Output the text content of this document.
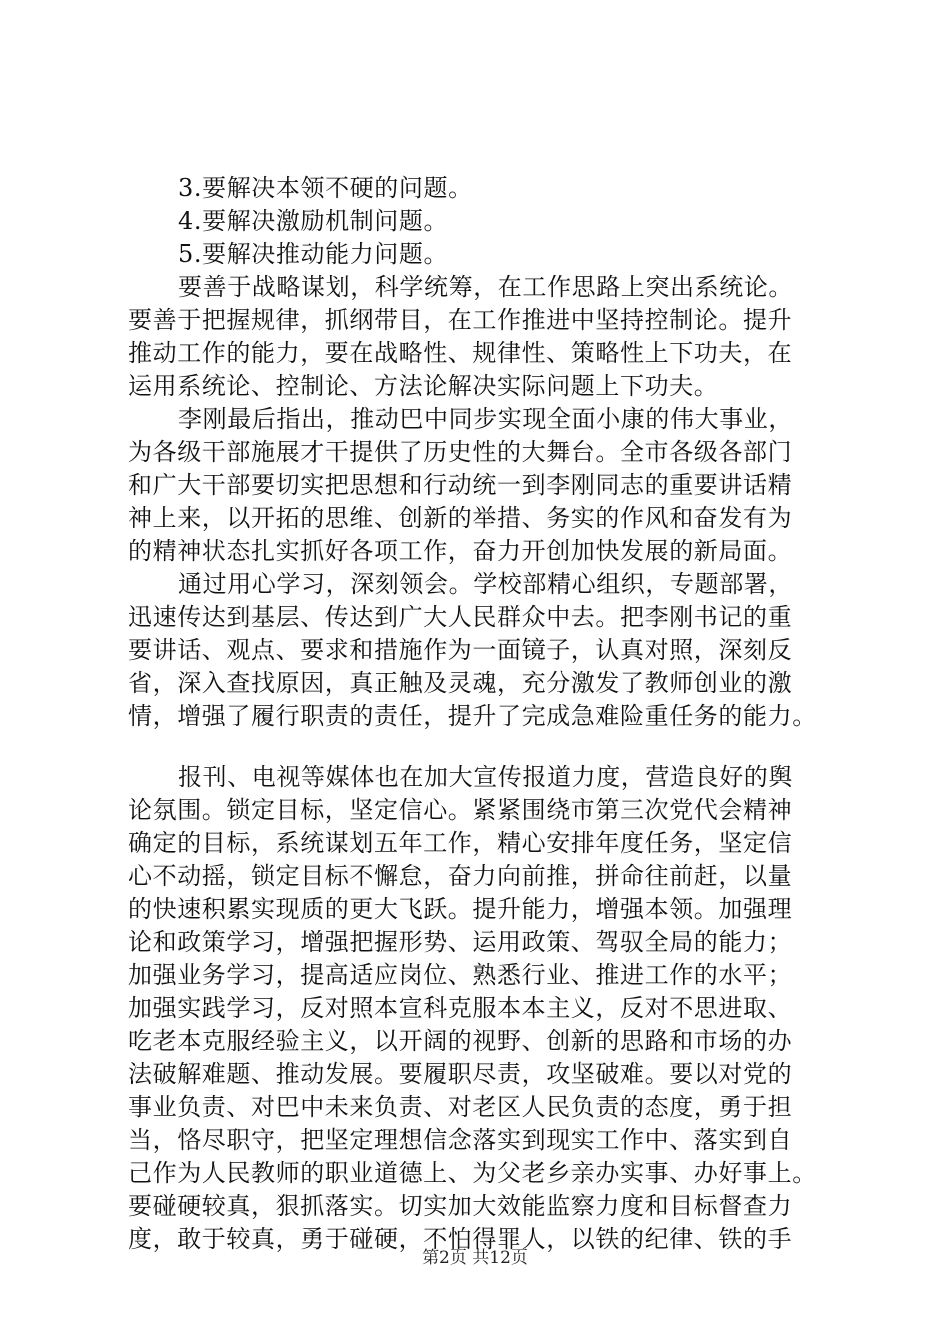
3.要解决本领不硬的问题。
4.要解决激励机制问题。
5.要解决推动能力问题。
要善于战略谋划，科学统筹，在工作思路上突出系统论。
要善于把握规律，抓纲带目，在工作推进中坚持控制论。提升
推动工作的能力，要在战略性、规律性、策略性上下功夫，在
运用系统论、控制论、方法论解决实际问题上下功夫。
李刚最后指出，推动巴中同步实现全面小康的伟大事业，
为各级干部施展才干提供了历史性的大舞台。全市各级各部门
和广大干部要切实把思想和行动统一到李刚同志的重要讲话精
神上来，以开拓的思维、创新的举措、务实的作风和奋发有为
的精神状态扎实抓好各项工作，奋力开创加快发展的新局面。
通过用心学习，深刻领会。学校部精心组织，专题部署，
迅速传达到基层、传达到广大人民群众中去。把李刚书记的重
要讲话、观点、要求和措施作为一面镜子，认真对照，深刻反
省，深入查找原因，真正触及灵魂，充分激发了教师创业的激
情，增强了履行职责的责任，提升了完成急难险重任务的能力。
报刊、电视等媒体也在加大宣传报道力度，营造良好的舆
论氛围。锁定目标，坚定信心。紧紧围绕市第三次党代会精神
确定的目标，系统谋划五年工作，精心安排年度任务，坚定信
心不动摇，锁定目标不懈怠，奋力向前推，拼命往前赶，以量
的快速积累实现质的更大飞跃。提升能力，增强本领。加强理
论和政策学习，增强把握形势、运用政策、驾驭全局的能力；
加强业务学习，提高适应岗位、熟悉行业、推进工作的水平；
加强实践学习，反对照本宣科克服本本主义，反对不思进取、
吃老本克服经验主义，以开阔的视野、创新的思路和市场的办
法破解难题、推动发展。要履职尽责，攻坚破难。要以对党的
事业负责、对巴中未来负责、对老区人民负责的态度，勇于担
当，恪尽职守，把坚定理想信念落实到现实工作中、落实到自
己作为人民教师的职业道德上、为父老乡亲办实事、办好事上。
要碰硬较真，狠抓落实。切实加大效能监察力度和目标督查力
度，敢于较真，勇于碰硬，不怕得罪人，以铁的纪律、铁的手
第2页 共12页
